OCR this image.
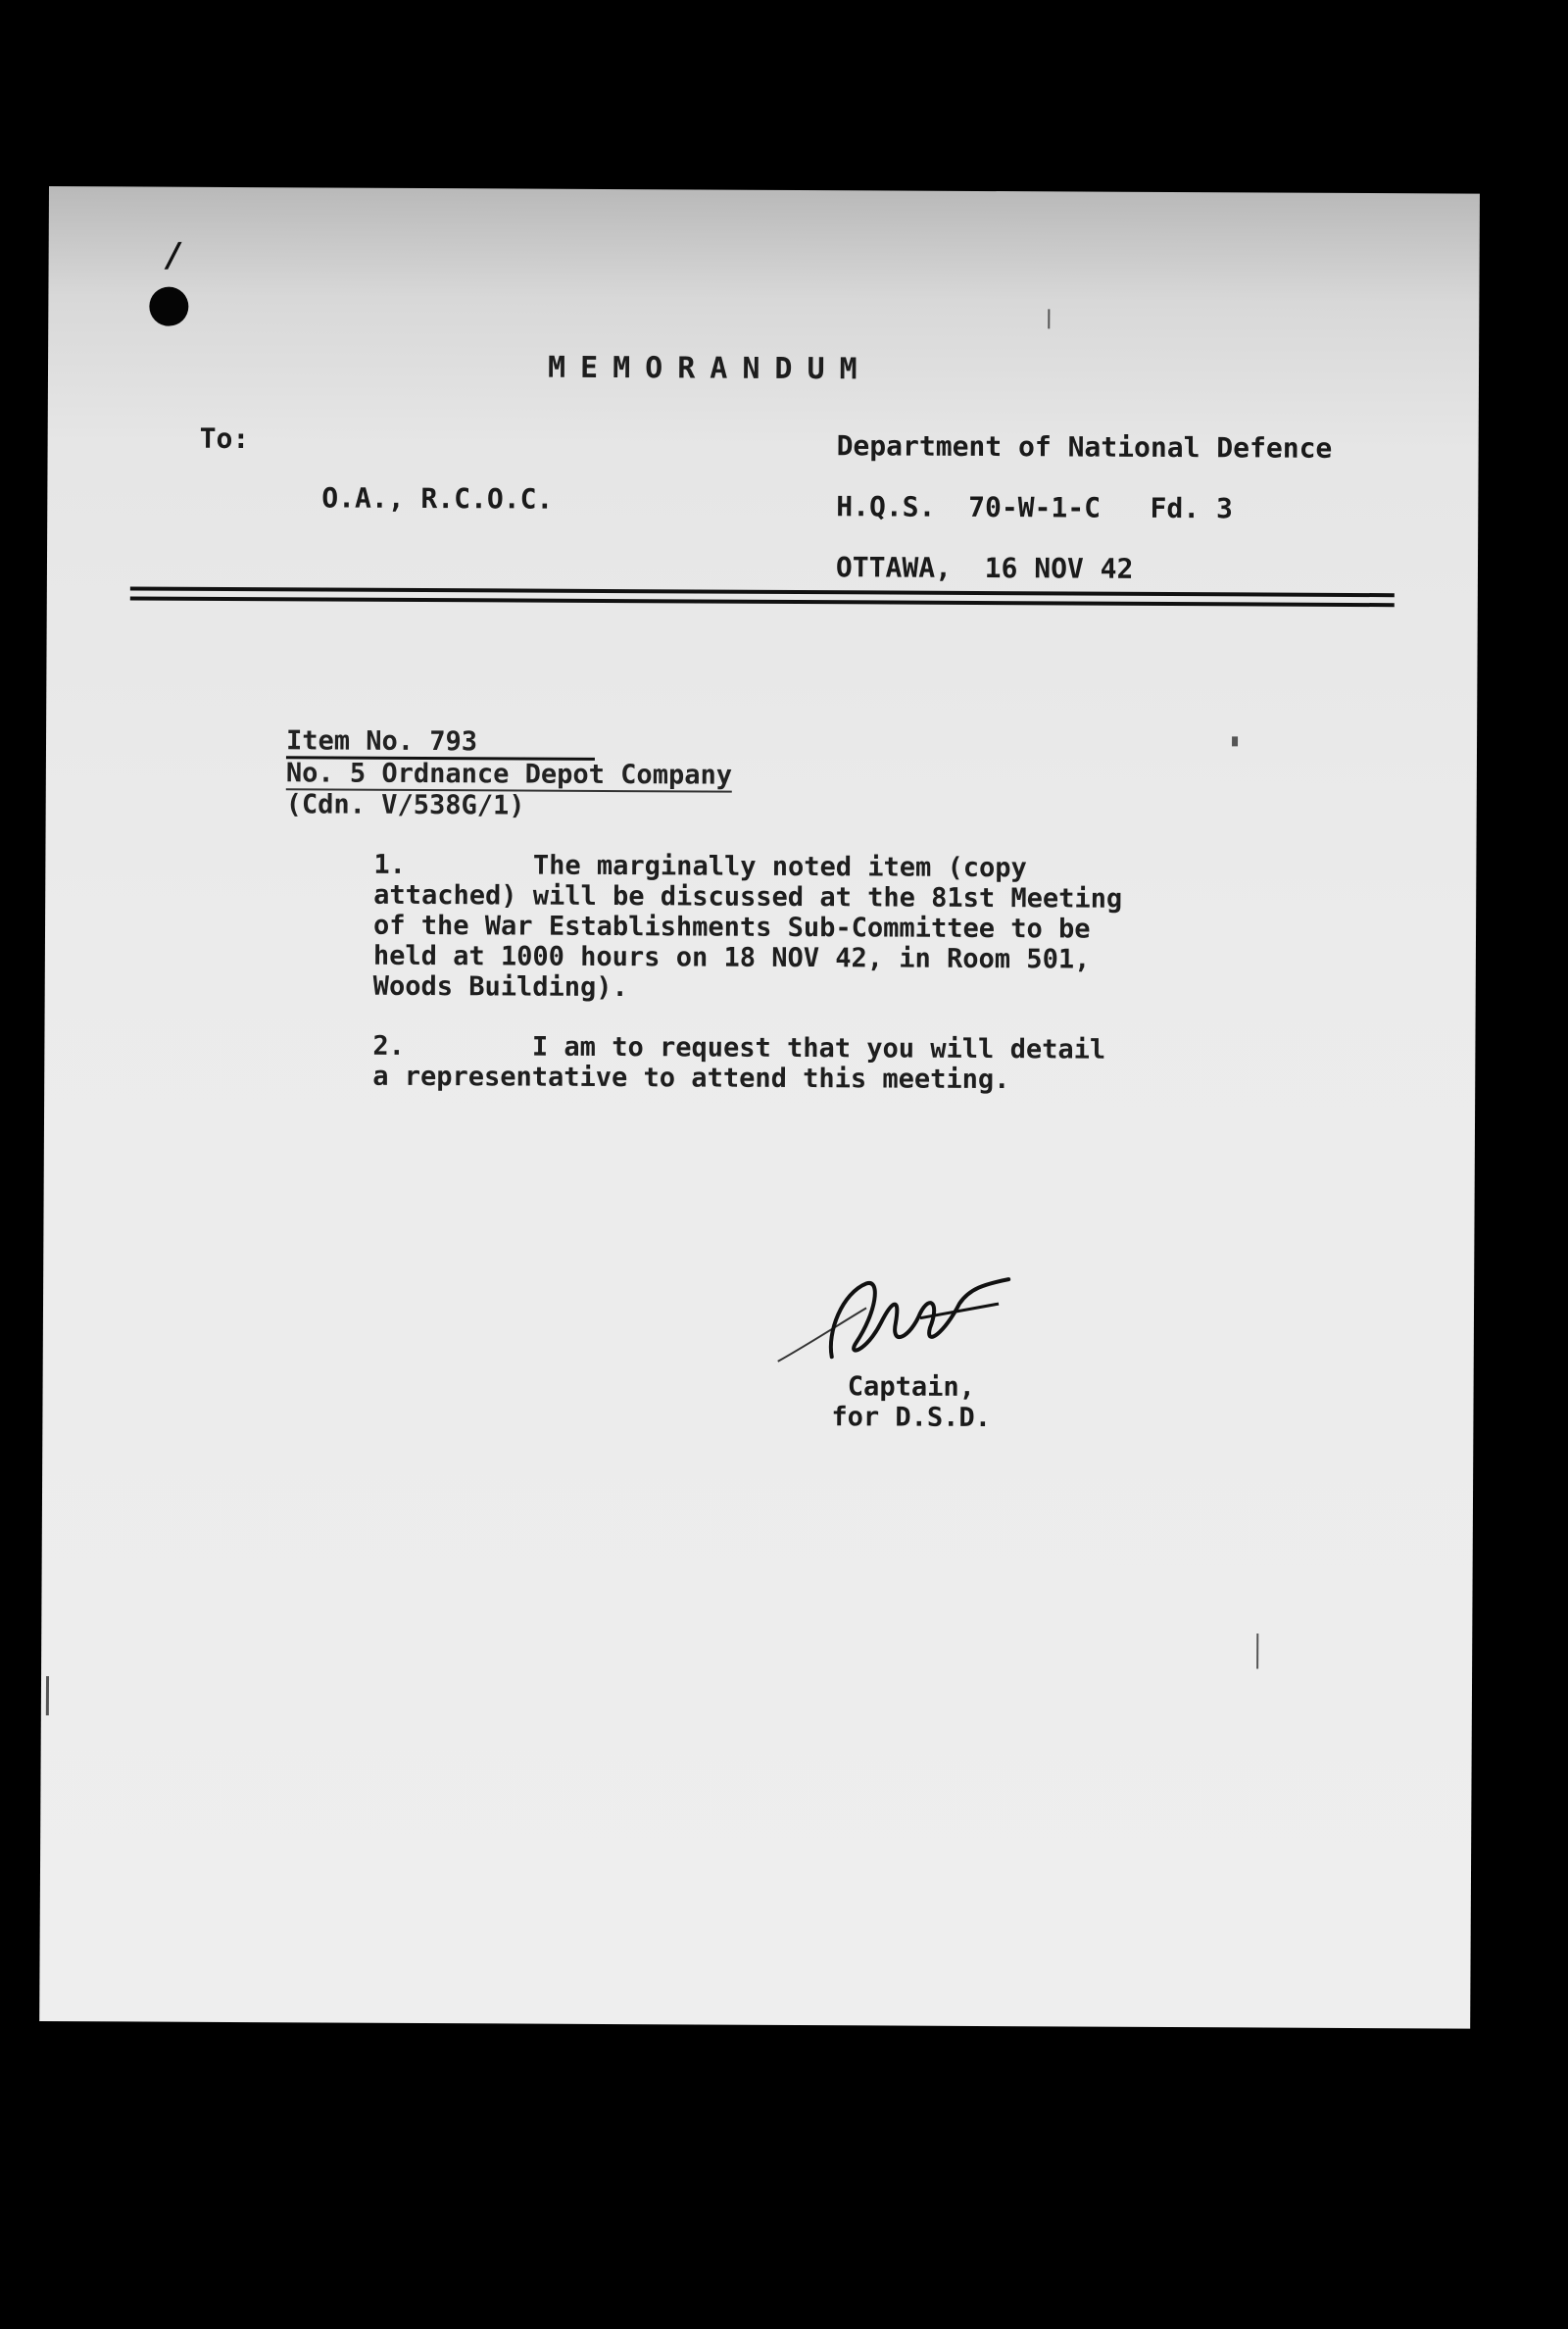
/
MEMORANDUM
To:
O.A., R.C.O.C.
Department of National Defence
H.Q.S.  70-W-1-C   Fd. 3
OTTAWA,  16 NOV 42
Item No. 793
No. 5 Ordnance Depot Company
(Cdn. V/538G/1)
1.        The marginally noted item (copy
attached) will be discussed at the 81st Meeting
of the War Establishments Sub-Committee to be
held at 1000 hours on 18 NOV 42, in Room 501,
Woods Building).
2.        I am to request that you will detail
a representative to attend this meeting.
Captain,
for D.S.D.
